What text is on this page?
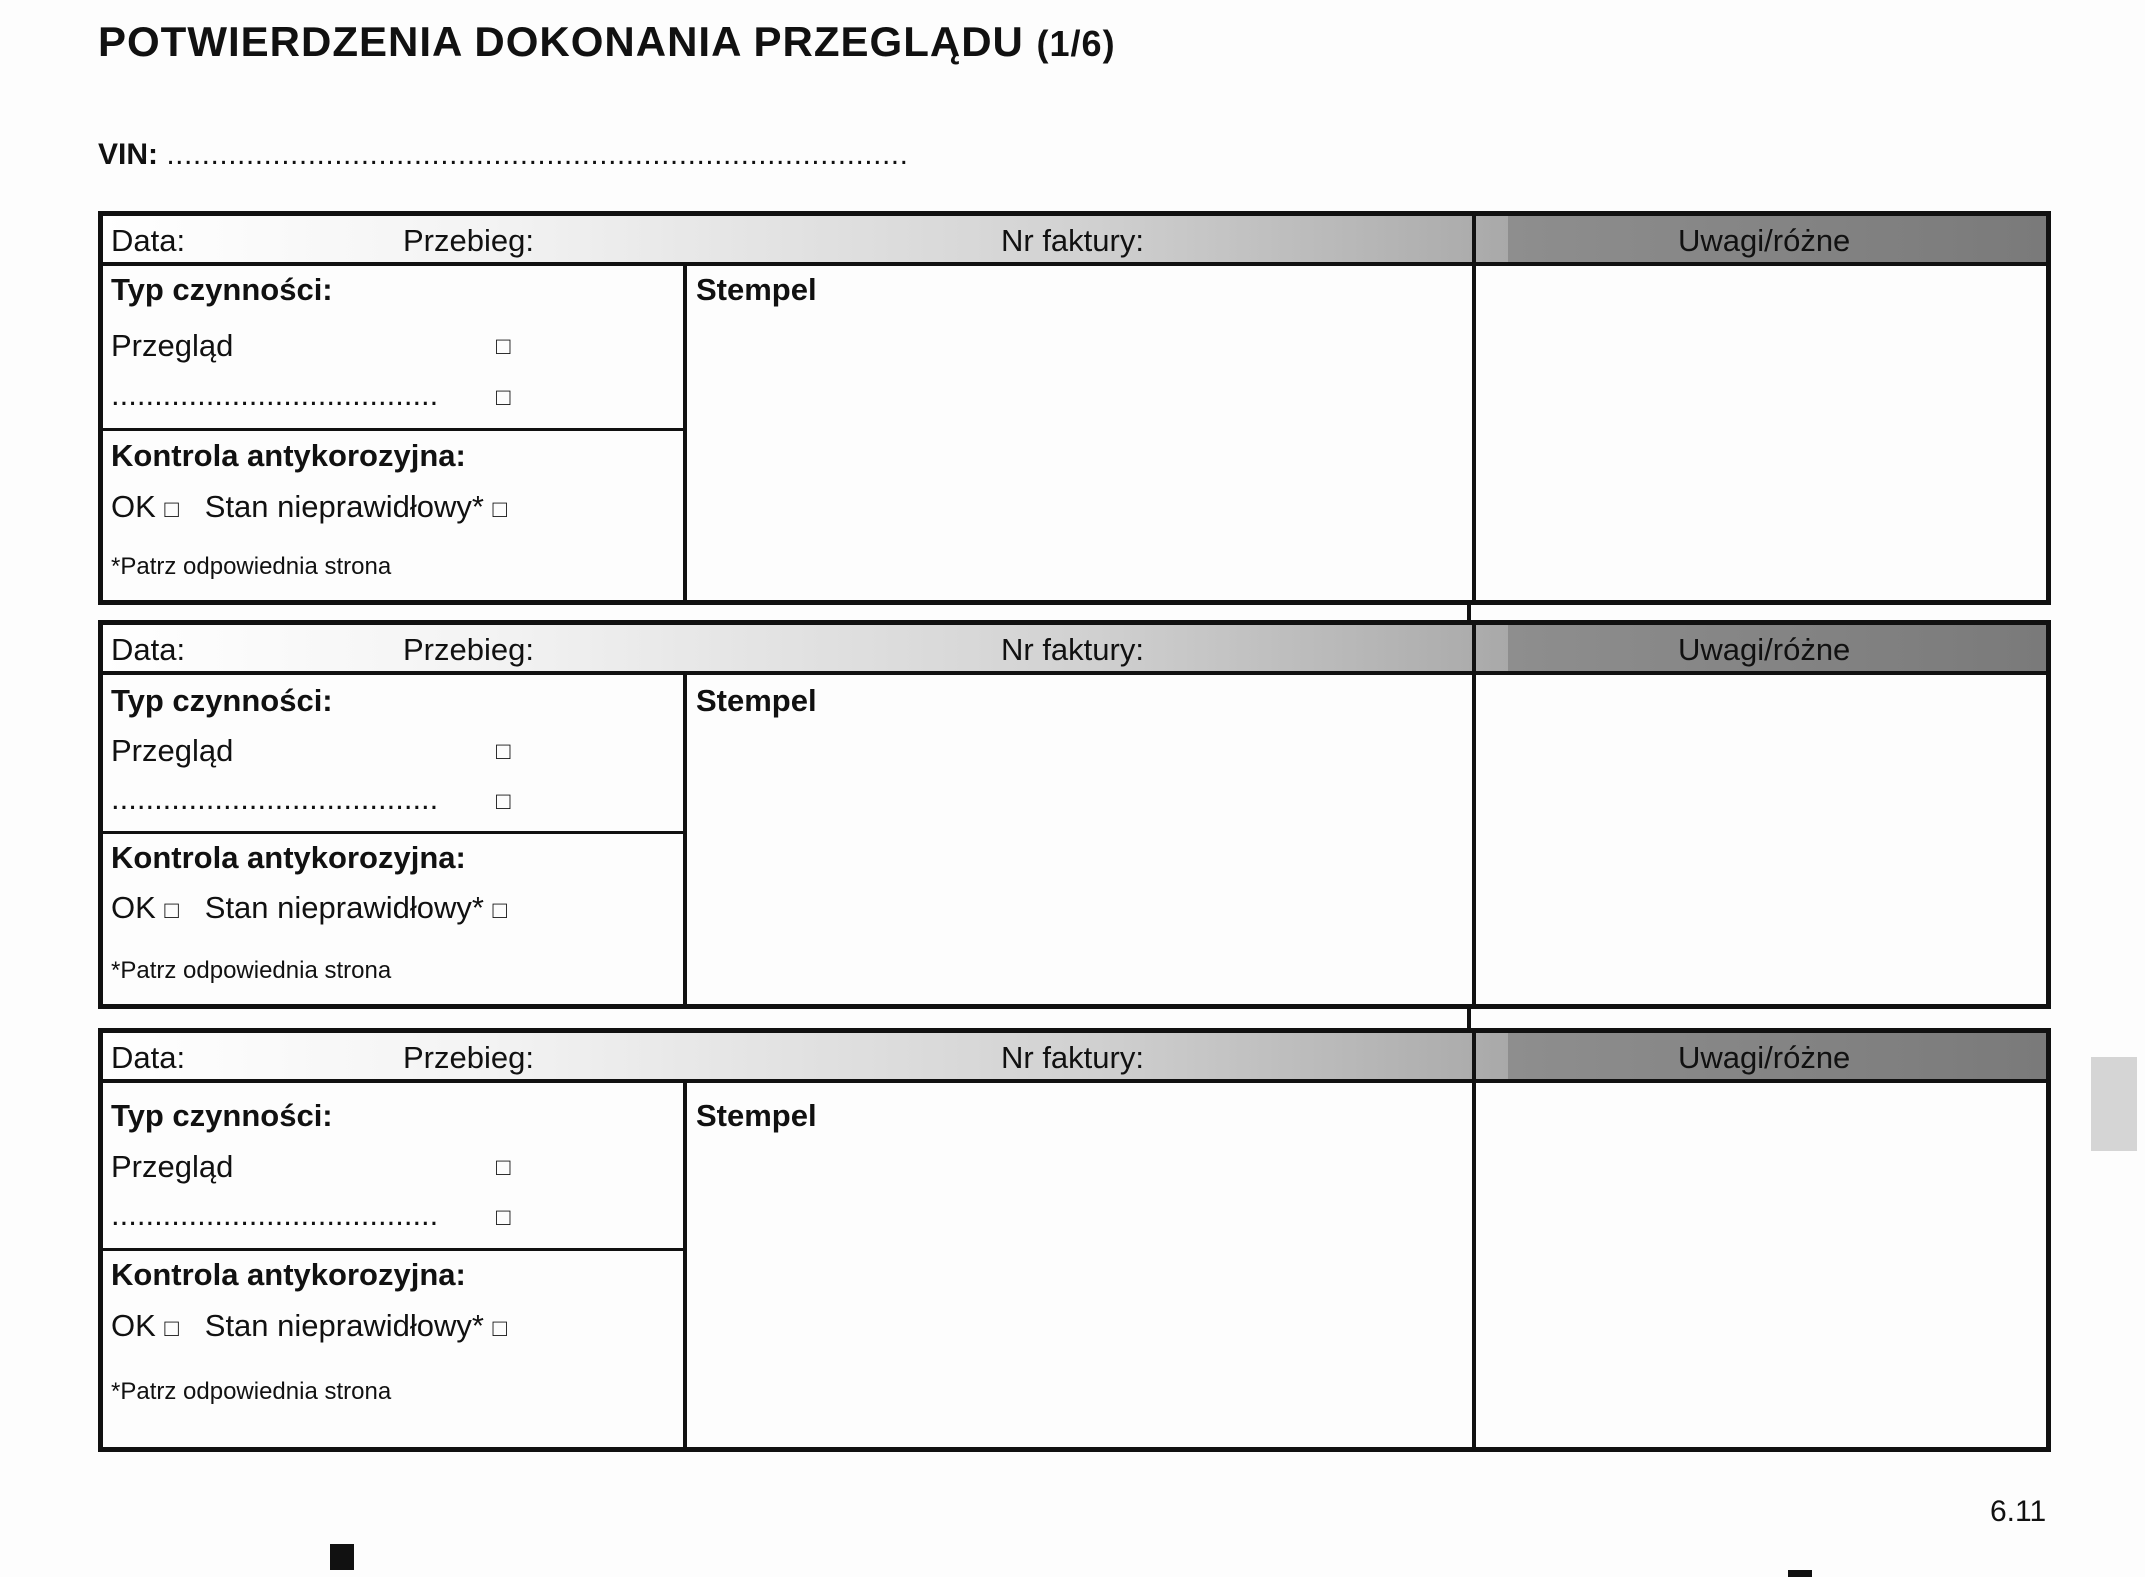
POTWIERDZENIA DOKONANIA PRZEGLĄDU (1/6)
VIN: ....................................................................................
Data:	Przebieg:	Nr faktury:	Uwagi/różne
Typ czynności:
Przegląd	□
...................................... □
Kontrola antykorozyjna:
OK □ Stan nieprawidłowy* □
*Patrz odpowiednia strona
Stempel
Data:	Przebieg:	Nr faktury:	Uwagi/różne
Typ czynności:
Przegląd	□
...................................... □
Kontrola antykorozyjna:
OK □ Stan nieprawidłowy* □
*Patrz odpowiednia strona
Stempel
Data:	Przebieg:	Nr faktury:	Uwagi/różne
Typ czynności:
Przegląd	□
...................................... □
Kontrola antykorozyjna:
OK □ Stan nieprawidłowy* □
*Patrz odpowiednia strona
Stempel
6.11
